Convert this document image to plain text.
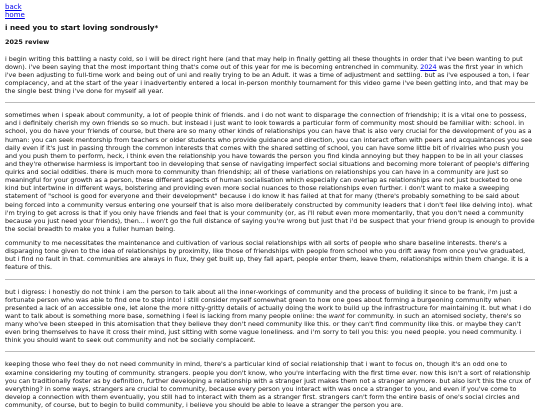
back
home
i need you to start loving sondrously*
2025 review

i begin writing this battling a nasty cold, so i will be direct right here (and that may help in finally getting all these thoughts in order that i've been wanting to put down). i've been saying that the most important thing that's come out of this year for me is becoming entrenched in community. 2024 was the first year in which i've been adjusting to full-time work and being out of uni and really trying to be an Adult. it was a time of adjustment and settling. but as i've espoused a ton, i fear complacency, and at the start of the year i inadvertently entered a local in-person monthly tournament for this video game i've been getting into, and that may be the single best thing i've done for myself all year.

sometimes when i speak about community, a lot of people think of friends. and i do not want to disparage the connection of friendship; it is a vital one to possess, and i definitely cherish my own friends so so much. but instead i just want to look towards a particular form of community most should be familiar with: school. in school, you do have your friends of course, but there are so many other kinds of relationships you can have that is also very crucial for the development of you as a human: you can seek mentorship from teachers or older students who provide guidance and direction, you can interact often with peers and acquaintances you see daily even if it's just in passing through the common interests that comes with the shared setting of school, you can have some little bit of rivalries who push you and you push them to perform, heck, i think even the relationship you have towards the person you find kinda annoying but they happen to be in all your classes and they're otherwise harmless is important too in developing that sense of navigating imperfect social situations and becoming more tolerant of people's differing quirks and social oddities. there is much more to community than friendship; all of these variations on relationships you can have in a community are just so meaningful for your growth as a person, these different aspects of human socialisation which especially can overlap as relationships are not just bucketed to one kind but intertwine in different ways, bolstering and providing even more social nuances to those relationships even further. i don't want to make a sweeping statement of "school is good for everyone and their development" because i do know it has failed at that for many (there's probably something to be said about being forced into a community versus entering one yourself that is also more deliberately constructed by community leaders that i don't feel like delving into). what i'm trying to get across is that if you only have friends and feel that is your community (or, as i'll rebut even more momentarily, that you don't need a community because you just need your friends), then... i won't go the full distance of saying you're wrong but just that i'd be suspect that your friend group is enough to provide the social breadth to make you a fuller human being.

community to me necessitates the maintenance and cultivation of various social relationships with all sorts of people who share baseline interests. there's a disparaging tone given to the idea of relationships by proximity, like those of friendships with people from school who you drift away from once you've graduated, but i find no fault in that. communities are always in flux, they get built up, they fall apart, people enter them, leave them, relationships within them change. it is a feature of this.

but i digress: i honestly do not think i am the person to talk about all the inner-workings of community and the process of building it since to be frank, i'm just a fortunate person who was able to find one to step into! i still consider myself somewhat green to how one goes about forming a burgeoning community when presented a lack of an accessible one, let alone the more nitty-gritty details of actually doing the work to build up the infrastructure for maintaining it. but what i do want to talk about is something more base, something i feel is lacking from many people online: the want for community. in such an atomised society, there's so many who've been steeped in this atomisation that they believe they don't need community like this. or they can't find community like this. or maybe they can't even bring themselves to have it cross their mind, just sitting with some vague loneliness. and i'm sorry to tell you this: you need people. you need community. i think you should want to seek out community and not be socially complacent.

keeping those who feel they do not need community in mind, there's a particular kind of social relationship that i want to focus on, though it's an odd one to examine considering my touting of community. strangers. people you don't know, who you're interfacing with the first time ever. now this isn't a sort of relationship you can traditionally foster as by definition, further developing a relationship with a stranger just makes them not a stranger anymore. but also isn't this the crux of everything? in some ways, strangers are crucial to community, because every person you interact with was once a stranger to you, and even if you've come to develop a connection with them eventually, you still had to interact with them as a stranger first. strangers can't form the entire basis of one's social circles and community, of course, but to begin to build community, i believe you should be able to leave a stranger the person you are.
